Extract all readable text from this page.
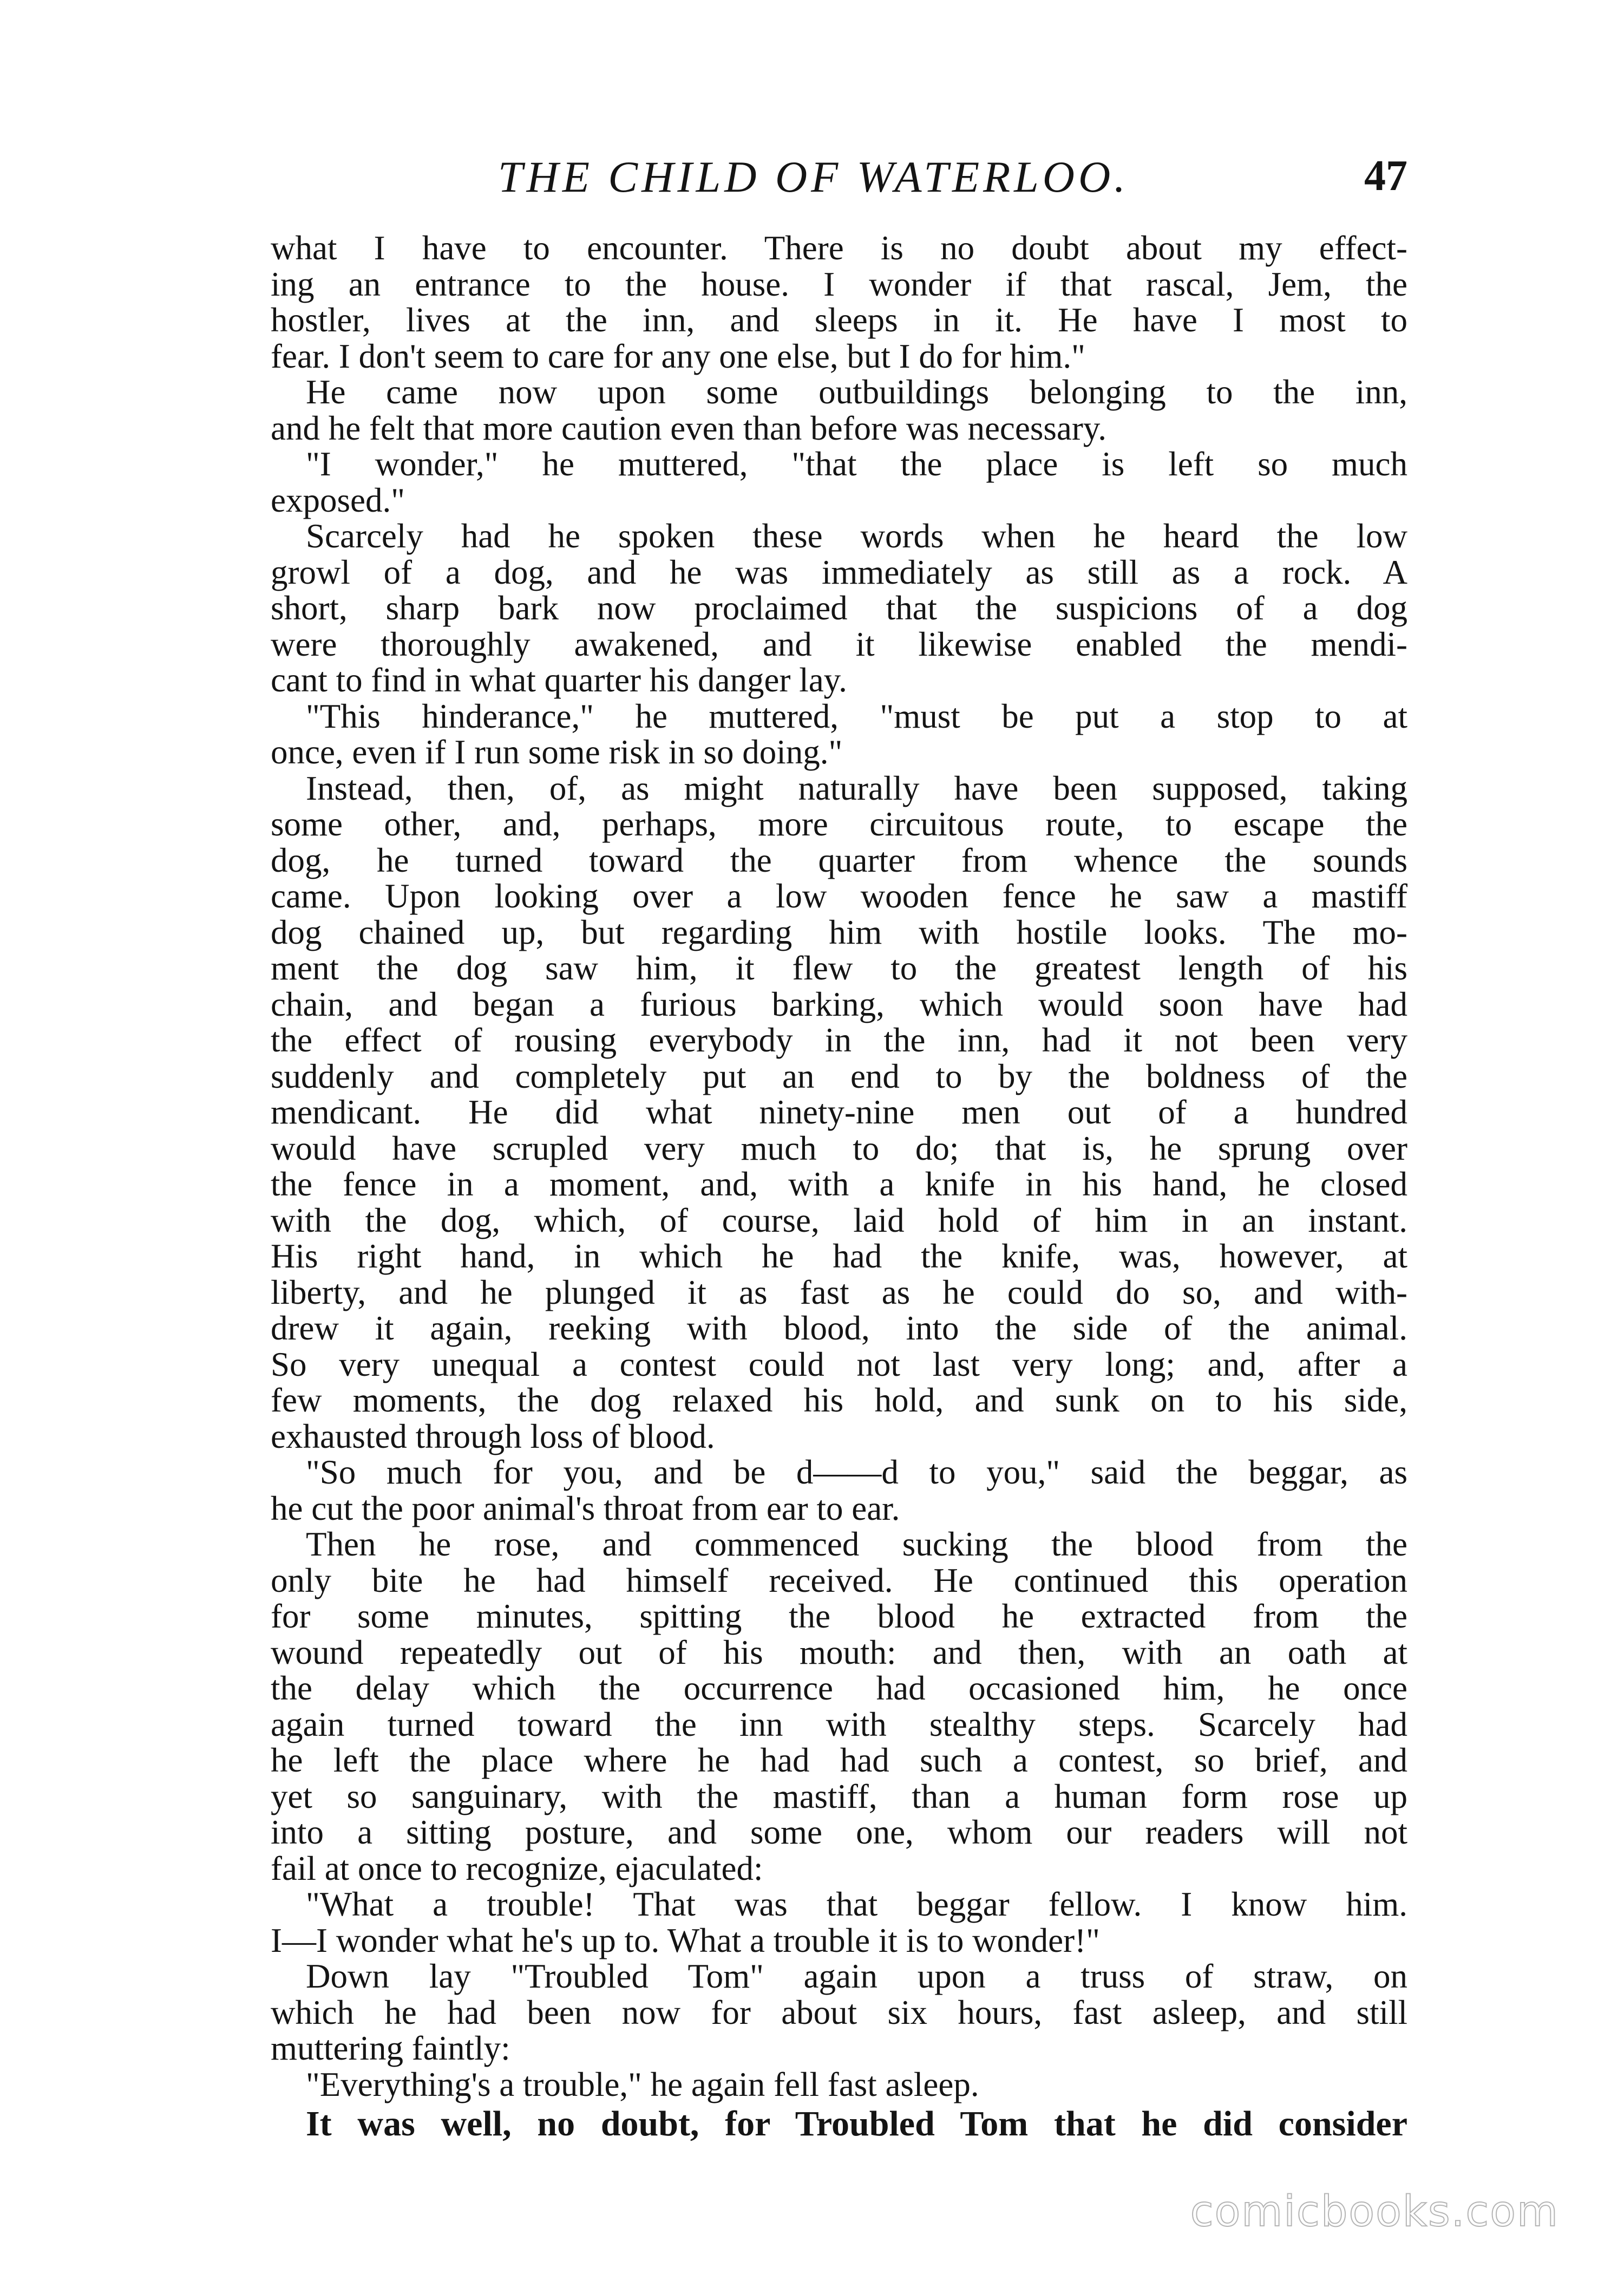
THE CHILD OF WATERLOO.	47

what I have to encounter. There is no doubt about my effect-

ing an entrance to the house. I wonder if that rascal, Jem, the

hostler, lives at the inn, and sleeps in it. He have I most to

fear. I don't seem to care for any one else, but I do for him."

He came now upon some outbuildings belonging to the inn,

and he felt that more caution even than before was necessary.

"I wonder," he muttered, "that the place is left so much

exposed."

Scarcely had he spoken these words when he heard the low

growl of a dog, and he was immediately as still as a rock. A

short, sharp bark now proclaimed that the suspicions of a dog

were thoroughly awakened, and it likewise enabled the mendi-

cant to find in what quarter his danger lay.

"This hinderance," he muttered, "must be put a stop to at

once, even if I run some risk in so doing."

Instead, then, of, as might naturally have been supposed, taking

some other, and, perhaps, more circuitous route, to escape the

dog, he turned toward the quarter from whence the sounds

came. Upon looking over a low wooden fence he saw a mastiff

dog chained up, but regarding him with hostile looks. The mo-

ment the dog saw him, it flew to the greatest length of his

chain, and began a furious barking, which would soon have had

the effect of rousing everybody in the inn, had it not been very

suddenly and completely put an end to by the boldness of the

mendicant. He did what ninety-nine men out of a hundred

would have scrupled very much to do; that is, he sprung over

the fence in a moment, and, with a knife in his hand, he closed

with the dog, which, of course, laid hold of him in an instant.

His right hand, in which he had the knife, was, however, at

liberty, and he plunged it as fast as he could do so, and with-

drew it again, reeking with blood, into the side of the animal.

So very unequal a contest could not last very long; and, after a

few moments, the dog relaxed his hold, and sunk on to his side,

exhausted through loss of blood.

"So much for you, and be d——d to you," said the beggar, as

he cut the poor animal's throat from ear to ear.

Then he rose, and commenced sucking the blood from the

only bite he had himself received. He continued this operation

for some minutes, spitting the blood he extracted from the

wound repeatedly out of his mouth: and then, with an oath at

the delay which the occurrence had occasioned him, he once

again turned toward the inn with stealthy steps. Scarcely had

he left the place where he had had such a contest, so brief, and

yet so sanguinary, with the mastiff, than a human form rose up

into a sitting posture, and some one, whom our readers will not

fail at once to recognize, ejaculated:

"What a trouble! That was that beggar fellow. I know him.

I—I wonder what he's up to. What a trouble it is to wonder!"

Down lay "Troubled Tom" again upon a truss of straw, on

which he had been now for about six hours, fast asleep, and still

muttering faintly:

"Everything's a trouble," he again fell fast asleep.

It was well, no doubt, for Troubled Tom that he did consider

comicbooks.com
